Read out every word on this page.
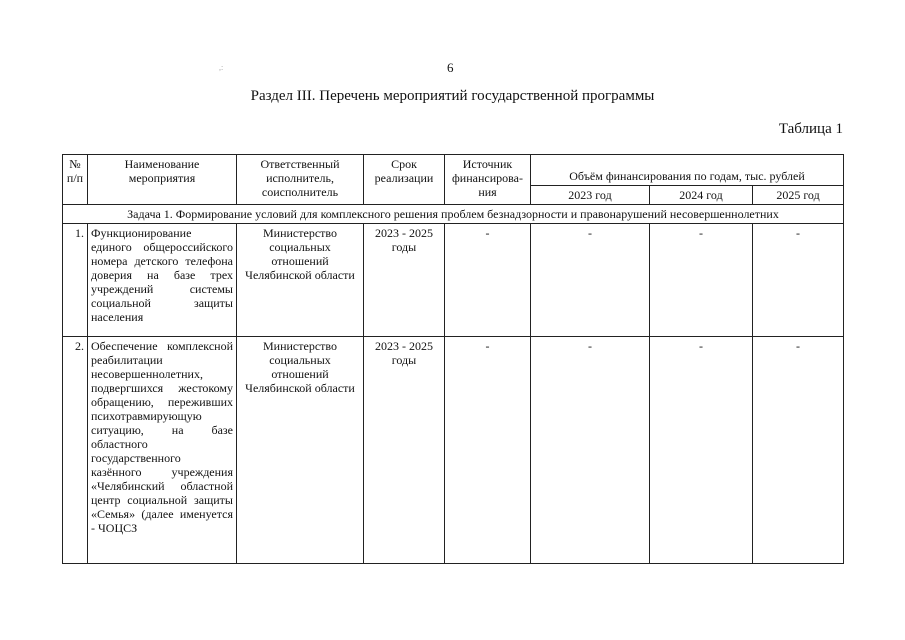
,:	6
Раздел III. Перечень мероприятий государственной программы
Таблица 1
№ п/п	Наименование мероприятия	Ответственный исполнитель, соисполнитель	Срок реализации	Источник финансирова-ния	Объём финансирования по годам, тыс. рублей		
					2023 год	2024 год	2025 год
Задача 1. Формирование условий для комплексного решения проблем безнадзорности и правонарушений несовершеннолетних							
1.	Функционирование единого общероссийского номера детского телефона доверия на базе трех учреждений системы социальной защиты населения	Министерство социальных отношений Челябинской области	2023 - 2025 годы	-	-	-	-
2.	Обеспечение комплексной реабилитации несовершеннолетних, подвергшихся жестокому обращению, переживших психотравмирующую ситуацию, на базе областного государственного казённого учреждения «Челябинский областной центр социальной защиты «Семья» (далее именуется - ЧОЦСЗ	Министерство социальных отношений Челябинской области	2023 - 2025 годы	-	-	-	-
